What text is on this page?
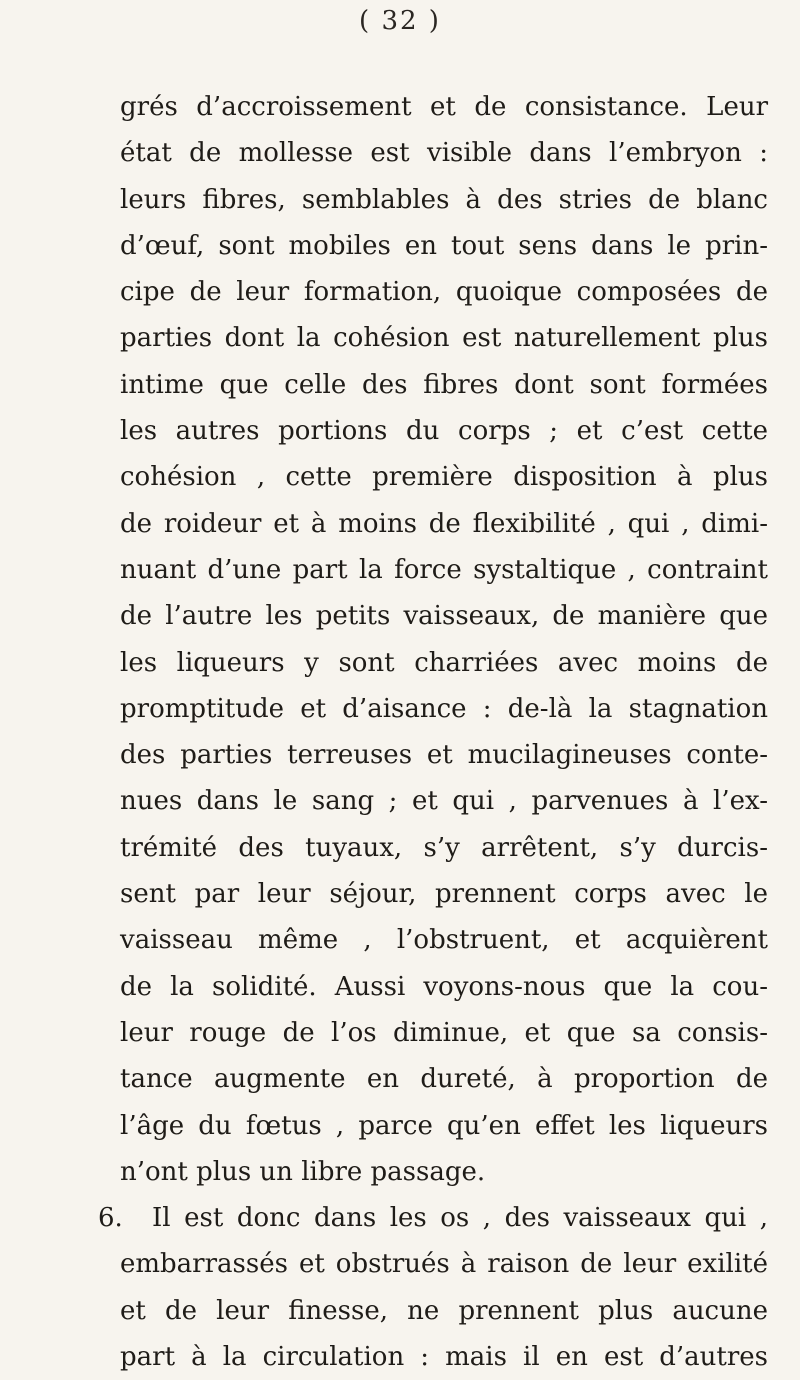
( 32 )
grés d’accroissement et de consistance. Leur
état de mollesse est visible dans l’embryon :
leurs fibres, semblables à des stries de blanc
d’œuf, sont mobiles en tout sens dans le prin-
cipe de leur formation, quoique composées de
parties dont la cohésion est naturellement plus
intime que celle des fibres dont sont formées
les autres portions du corps ; et c’est cette
cohésion , cette première disposition à plus
de roideur et à moins de flexibilité , qui , dimi-
nuant d’une part la force systaltique , contraint
de l’autre les petits vaisseaux, de manière que
les liqueurs y sont charriées avec moins de
promptitude et d’aisance : de-là la stagnation
des parties terreuses et mucilagineuses conte-
nues dans le sang ; et qui , parvenues à l’ex-
trémité des tuyaux, s’y arrêtent, s’y durcis-
sent par leur séjour, prennent corps avec le
vaisseau même , l’obstruent, et acquièrent
de la solidité. Aussi voyons-nous que la cou-
leur rouge de l’os diminue, et que sa consis-
tance augmente en dureté, à proportion de
l’âge du fœtus , parce qu’en effet les liqueurs
n’ont plus un libre passage.
6. Il est donc dans les os , des vaisseaux qui ,
embarrassés et obstrués à raison de leur exilité
et de leur finesse, ne prennent plus aucune
part à la circulation : mais il en est d’autres
